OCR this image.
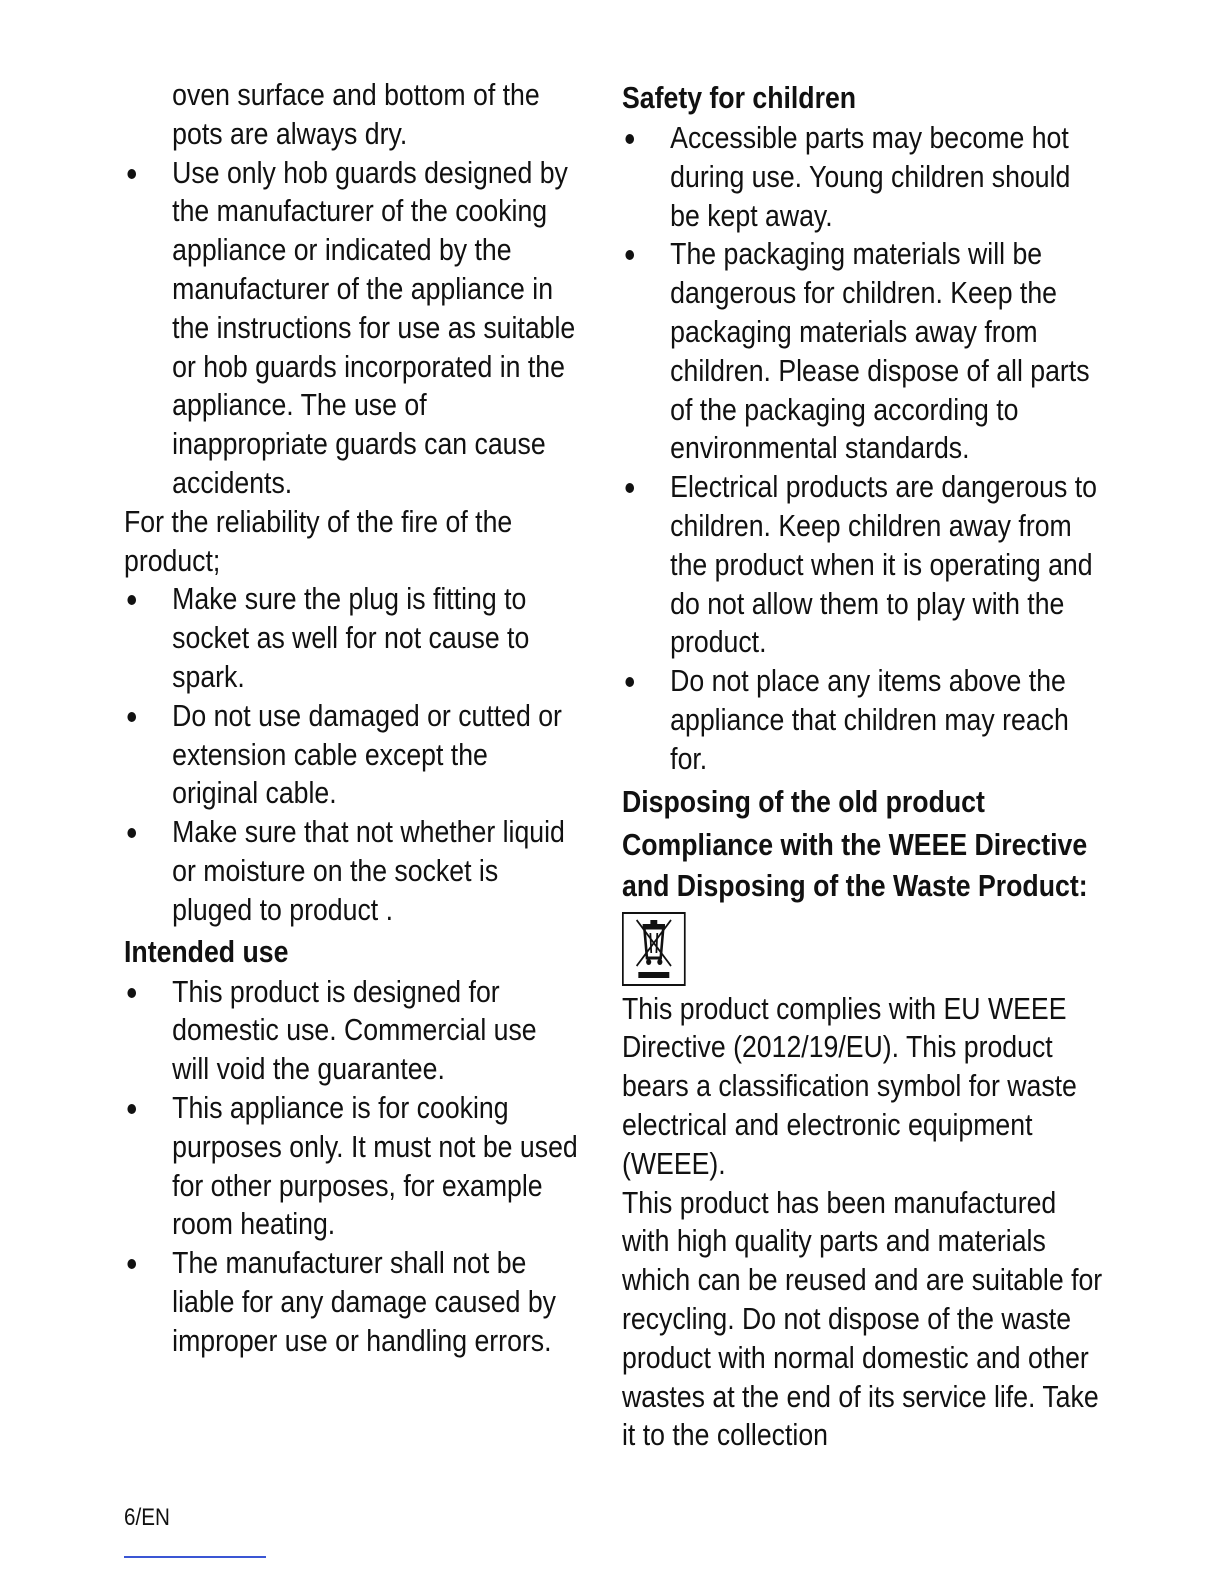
oven surface and bottom of the

pots are always dry.

Use only hob guards designed by the manufacturer of the cooking appliance or indicated by the manufacturer of the appliance in the instructions for use as suitable or hob guards incorporated in the appliance. The use of inappropriate guards can cause accidents.

For the reliability of the fire of the product;

Make sure the plug is fitting to socket as well for not cause to spark.
Do not use damaged or cutted or extension cable except the original cable.
Make sure that not whether liquid or moisture on the socket is pluged to product .
Intended use
This product is designed for domestic use. Commercial use will void the guarantee.
This appliance is for cooking purposes only. It must not be used for other purposes, for example room heating.
The manufacturer shall not be liable for any damage caused by improper use or handling errors.
Safety for children
Accessible parts may become hot during use. Young children should be kept away.
The packaging materials will be dangerous for children. Keep the packaging materials away from children. Please dispose of all parts of the packaging according to environmental standards.
Electrical products are dangerous to children. Keep children away from the product when it is operating and do not allow them to play with the product.
Do not place any items above the appliance that children may reach for.
Disposing of the old product
Compliance with the WEEE Directive and Disposing of the Waste Product:

This product complies with EU WEEE Directive (2012/19/EU). This product bears a classification symbol for waste electrical and electronic equipment (WEEE).

This product has been manufactured with high quality parts and materials which can be reused and are suitable for recycling. Do not dispose of the waste product with normal domestic and other wastes at the end of its service life. Take it to the collection

6/EN
